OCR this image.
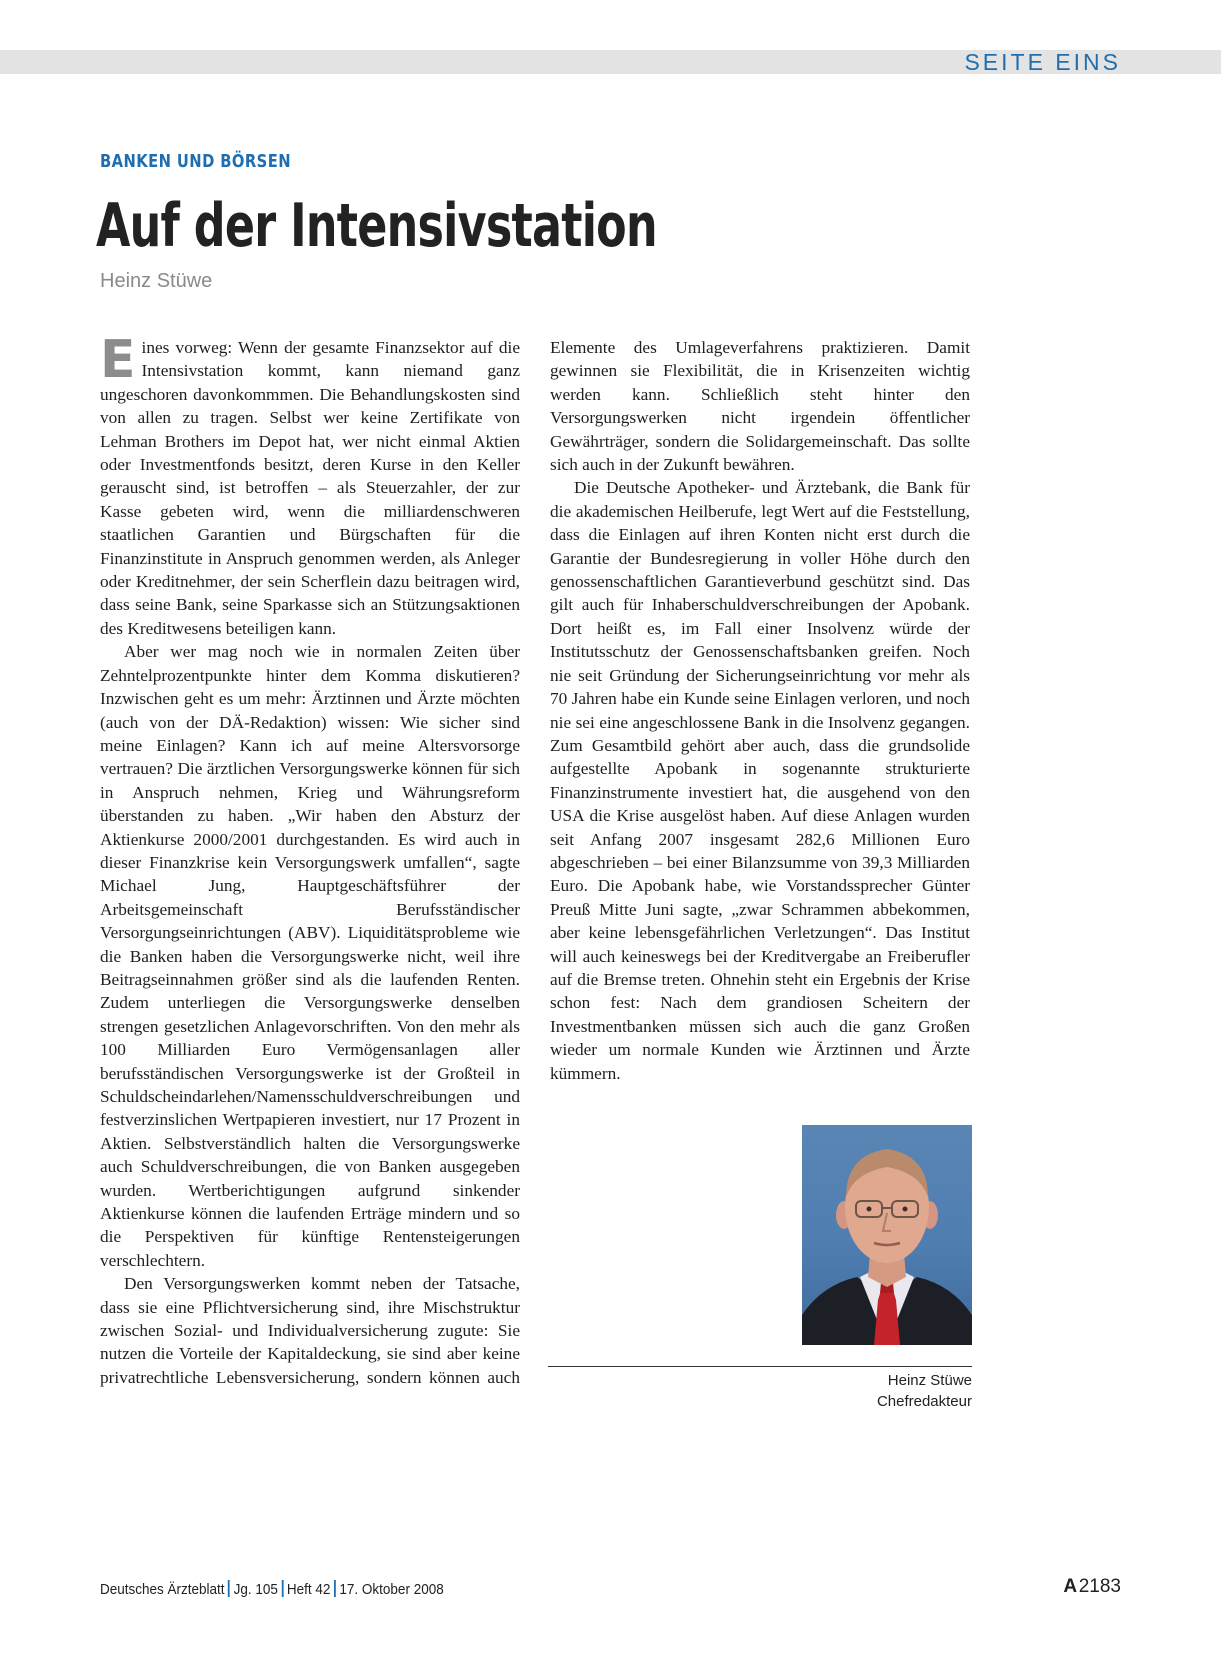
SEITE EINS
BANKEN UND BÖRSEN
Auf der Intensivstation
Heinz Stüwe

Eines vorweg: Wenn der gesamte Finanzsektor auf die Intensivstation kommt, kann niemand ganz ungeschoren davonkommmen. Die Behandlungskosten sind von allen zu tragen. Selbst wer keine Zertifikate von Lehman Brothers im Depot hat, wer nicht einmal Aktien oder Investmentfonds besitzt, deren Kurse in den Keller gerauscht sind, ist betroffen – als Steuerzahler, der zur Kasse gebeten wird, wenn die milliardenschweren staatlichen Garantien und Bürgschaften für die Finanzinstitute in Anspruch genommen werden, als Anleger oder Kreditnehmer, der sein Scherflein dazu beitragen wird, dass seine Bank, seine Sparkasse sich an Stützungsaktionen des Kreditwesens beteiligen kann.

Aber wer mag noch wie in normalen Zeiten über Zehntelprozentpunkte hinter dem Komma diskutieren? Inzwischen geht es um mehr: Ärztinnen und Ärzte möchten (auch von der DÄ-Redaktion) wissen: Wie sicher sind meine Einlagen? Kann ich auf meine Altersvorsorge vertrauen? Die ärztlichen Versorgungswerke können für sich in Anspruch nehmen, Krieg und Währungsreform überstanden zu haben. „Wir haben den Absturz der Aktienkurse 2000/2001 durchgestanden. Es wird auch in dieser Finanzkrise kein Versorgungswerk umfallen“, sagte Michael Jung, Hauptgeschäftsführer der Arbeitsgemeinschaft Berufsständischer Versorgungseinrichtungen (ABV). Liquiditätsprobleme wie die Banken haben die Versorgungswerke nicht, weil ihre Beitragseinnahmen größer sind als die laufenden Renten. Zudem unterliegen die Versorgungswerke denselben strengen gesetzlichen Anlagevorschriften. Von den mehr als 100 Milliarden Euro Vermögensanlagen aller berufsständischen Versorgungswerke ist der Großteil in Schuldscheindarlehen/Namensschuldverschreibungen und festverzinslichen Wertpapieren investiert, nur 17 Prozent in Aktien. Selbstverständlich halten die Versorgungswerke auch Schuldverschreibungen, die von Banken ausgegeben wurden. Wertberichtigungen aufgrund sinkender Aktienkurse können die laufenden Erträge mindern und so die Perspektiven für künftige Rentensteigerungen verschlechtern.

Den Versorgungswerken kommt neben der Tatsache, dass sie eine Pflichtversicherung sind, ihre Mischstruktur zwischen Sozial- und Individualversicherung zugute: Sie nutzen die Vorteile der Kapitaldeckung, sie sind aber keine privatrechtliche Lebensversicherung, sondern können auch Elemente des Umlageverfahrens praktizieren. Damit gewinnen sie Flexibilität, die in Krisenzeiten wichtig werden kann. Schließlich steht hinter den Versorgungswerken nicht irgendein öffentlicher Gewährträger, sondern die Solidargemeinschaft. Das sollte sich auch in der Zukunft bewähren.

Die Deutsche Apotheker- und Ärztebank, die Bank für die akademischen Heilberufe, legt Wert auf die Feststellung, dass die Einlagen auf ihren Konten nicht erst durch die Garantie der Bundesregierung in voller Höhe durch den genossenschaftlichen Garantieverbund geschützt sind. Das gilt auch für Inhaberschuldverschreibungen der Apobank. Dort heißt es, im Fall einer Insolvenz würde der Institutsschutz der Genossenschaftsbanken greifen. Noch nie seit Gründung der Sicherungseinrichtung vor mehr als 70 Jahren habe ein Kunde seine Einlagen verloren, und noch nie sei eine angeschlossene Bank in die Insolvenz gegangen. Zum Gesamtbild gehört aber auch, dass die grundsolide aufgestellte Apobank in sogenannte strukturierte Finanzinstrumente investiert hat, die ausgehend von den USA die Krise ausgelöst haben. Auf diese Anlagen wurden seit Anfang 2007 insgesamt 282,6 Millionen Euro abgeschrieben – bei einer Bilanzsumme von 39,3 Milliarden Euro. Die Apobank habe, wie Vorstandssprecher Günter Preuß Mitte Juni sagte, „zwar Schrammen abbekommen, aber keine lebensgefährlichen Verletzungen“. Das Institut will auch keineswegs bei der Kreditvergabe an Freiberufler auf die Bremse treten. Ohnehin steht ein Ergebnis der Krise schon fest: Nach dem grandiosen Scheitern der Investmentbanken müssen sich auch die ganz Großen wieder um normale Kunden wie Ärztinnen und Ärzte kümmern.

Heinz Stüwe
Chefredakteur
Deutsches Ärzteblatt Jg. 105 Heft 42 17. Oktober 2008	A 2183
